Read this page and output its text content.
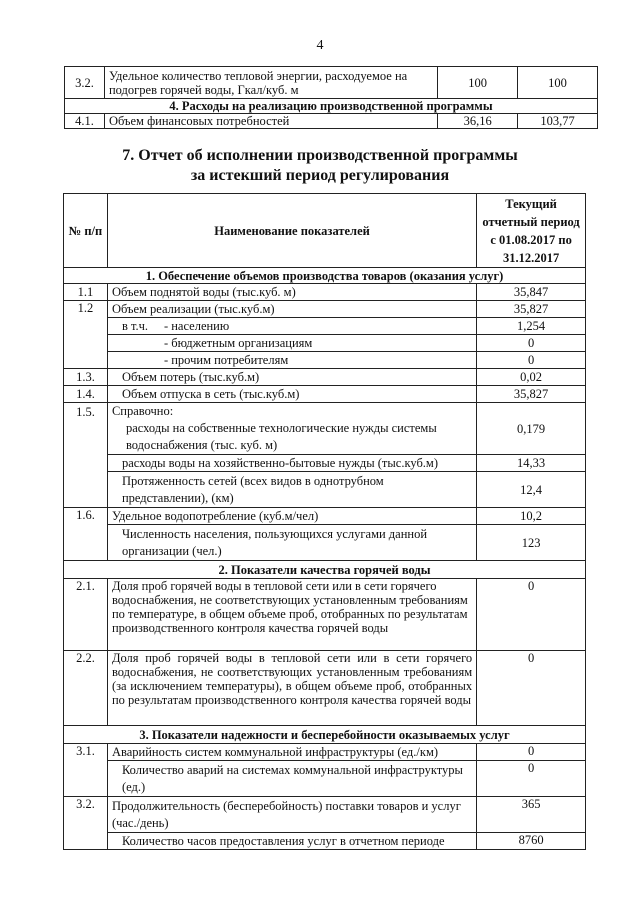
4
3.2.	Удельное количество тепловой энергии, расходуемое на подогрев горячей воды, Гкал/куб. м	100	100
4. Расходы на реализацию производственной программы			
4.1.	Объем финансовых потребностей	36,16	103,77
7. Отчет об исполнении производственной программы
за истекший период регулирования
№ п/п	Наименование показателей	Текущий отчетный период с 01.08.2017 по 31.12.2017
1. Обеспечение объемов производства товаров (оказания услуг)		
1.1	Объем поднятой воды (тыс.куб. м)	35,847
1.2	Объем реализации (тыс.куб.м)	35,827
	в т.ч. - населению	1,254
	- бюджетным организациям	0
	- прочим потребителям	0
1.3.	Объем потерь (тыс.куб.м)	0,02
1.4.	Объем отпуска в сеть (тыс.куб.м)	35,827
1.5.	Справочно:
расходы на собственные технологические нужды системы водоснабжения (тыс. куб. м)	0,179
	расходы воды на хозяйственно-бытовые нужды (тыс.куб.м)	14,33
	Протяженность сетей (всех видов в однотрубном представлении), (км)	12,4
1.6.	Удельное водопотребление (куб.м/чел)	10,2
	Численность населения, пользующихся услугами данной организации (чел.)	123
2. Показатели качества горячей воды		
2.1.	Доля проб горячей воды в тепловой сети или в сети горячего водоснабжения, не соответствующих установленным требованиям по температуре, в общем объеме проб, отобранных по результатам производственного контроля качества горячей воды	0
2.2.	Доля проб горячей воды в тепловой сети или в сети горячего водоснабжения, не соответствующих установленным требованиям (за исключением температуры), в общем объеме проб, отобранных по результатам производственного контроля качества горячей воды	0
3. Показатели надежности и бесперебойности оказываемых услуг		
3.1.	Аварийность систем коммунальной инфраструктуры (ед./км)	0
	Количество аварий на системах коммунальной инфраструктуры (ед.)	0
3.2.	Продолжительность (бесперебойность) поставки товаров и услуг (час./день)	365
	Количество часов предоставления услуг в отчетном периоде	8760
